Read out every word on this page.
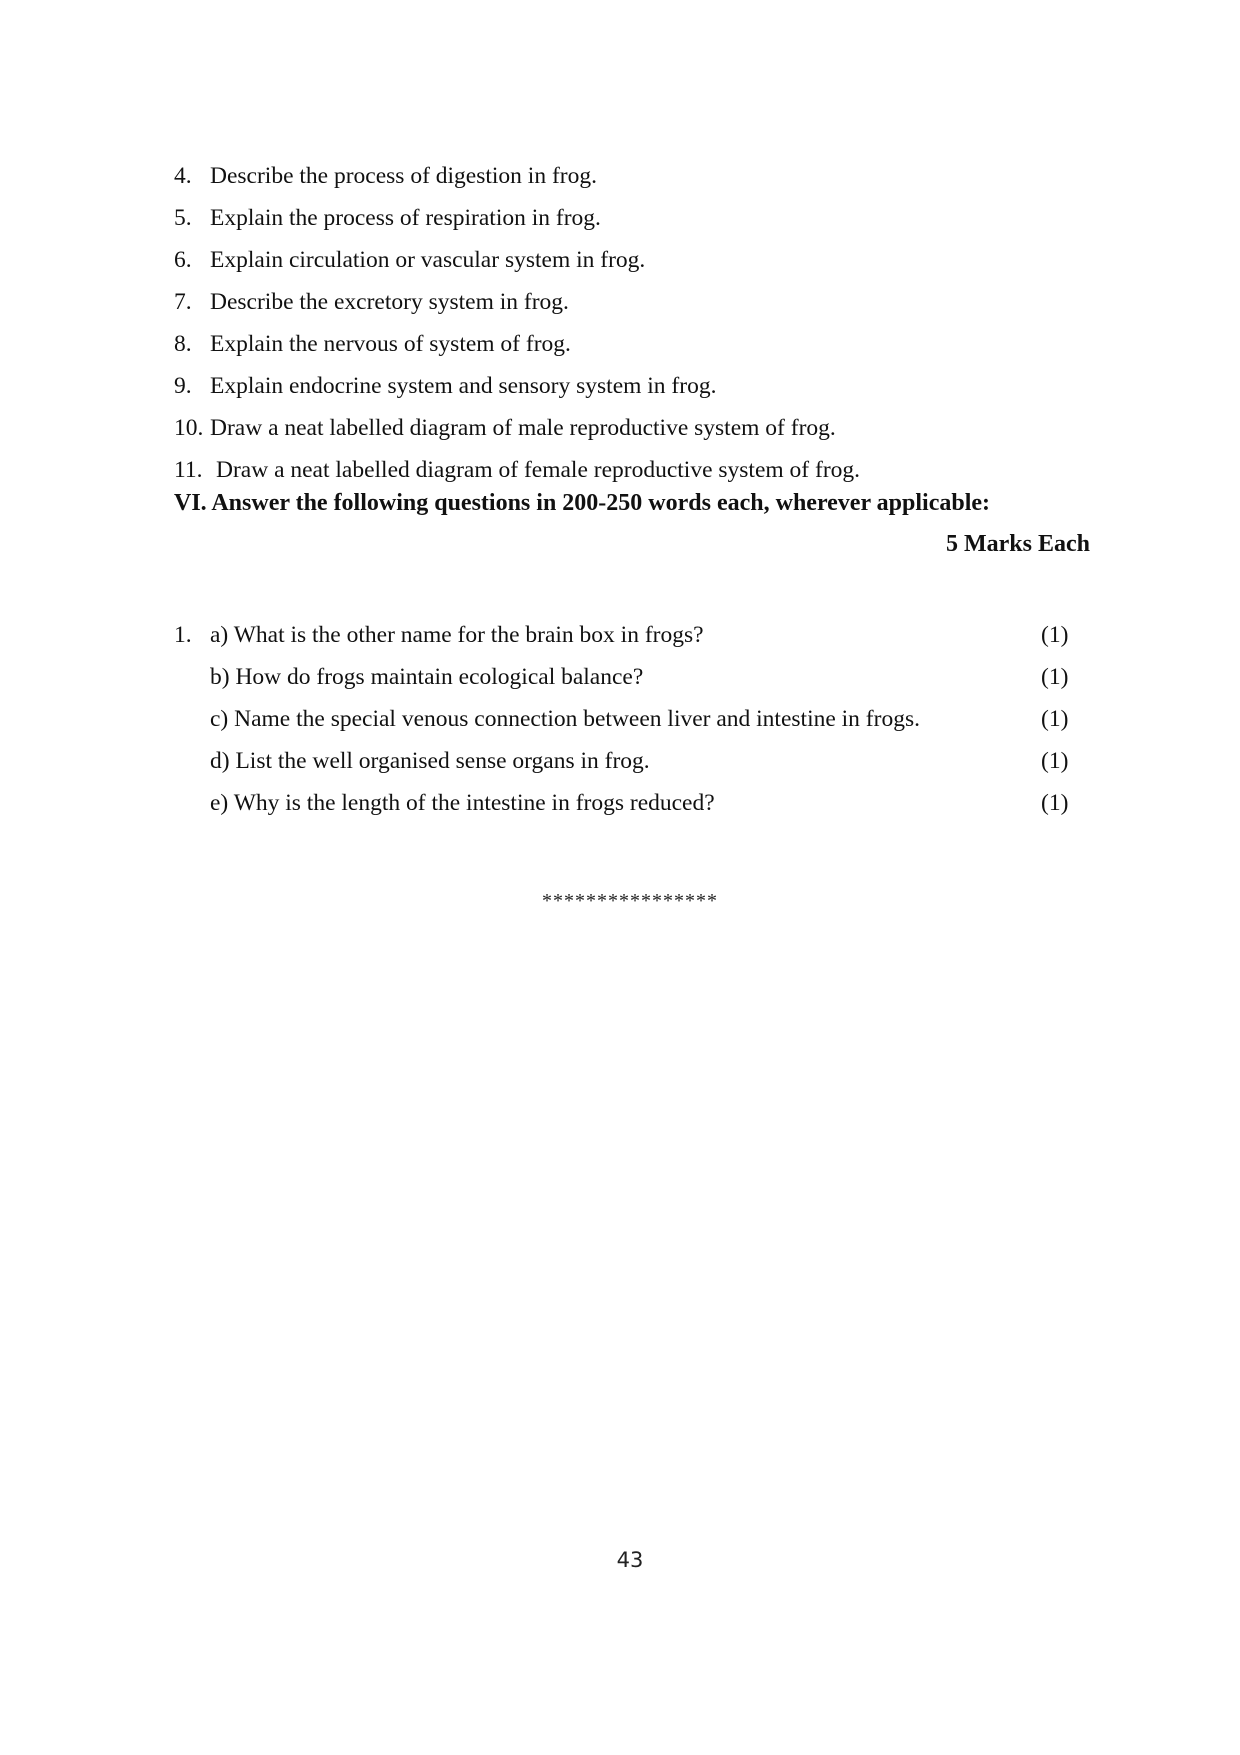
4. Describe the process of digestion in frog.
5. Explain the process of respiration in frog.
6. Explain circulation or vascular system in frog.
7. Describe the excretory system in frog.
8. Explain the nervous of system of frog.
9. Explain endocrine system and sensory system in frog.
10. Draw a neat labelled diagram of male reproductive system of frog.
11. Draw a neat labelled diagram of female reproductive system of frog.
VI. Answer the following questions in 200-250 words each, wherever applicable:
5 Marks Each
1. a) What is the other name for the brain box in frogs?	(1)
b) How do frogs maintain ecological balance?	(1)
c) Name the special venous connection between liver and intestine in frogs.	(1)
d) List the well organised sense organs in frog.	(1)
e) Why is the length of the intestine in frogs reduced?	(1)
****************
43
